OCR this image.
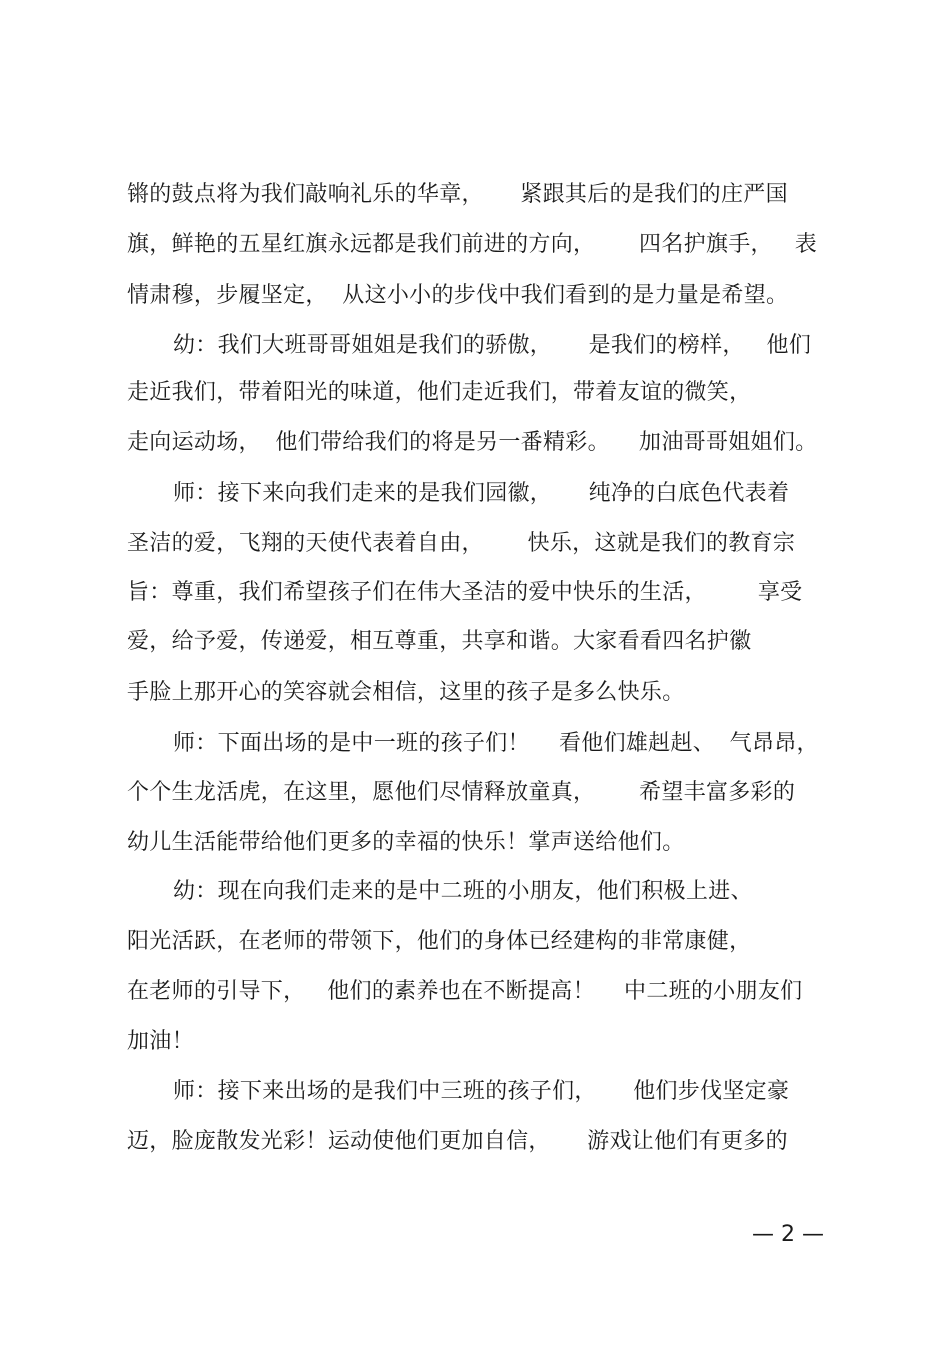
锵的鼓点将为我们敲响礼乐的华章，     紧跟其后的是我们的庄严国
旗，鲜艳的五星红旗永远都是我们前进的方向，      四名护旗手，   表
情肃穆，步履坚定，  从这小小的步伐中我们看到的是力量是希望。
幼：我们大班哥哥姐姐是我们的骄傲，     是我们的榜样，   他们
走近我们，带着阳光的味道，他们走近我们，带着友谊的微笑，
走向运动场，  他们带给我们的将是另一番精彩。    加油哥哥姐姐们。
师：接下来向我们走来的是我们园徽，     纯净的白底色代表着
圣洁的爱，飞翔的天使代表着自由，      快乐，这就是我们的教育宗
旨：尊重，我们希望孩子们在伟大圣洁的爱中快乐的生活，       享受
爱，给予爱，传递爱，相互尊重，共享和谐。大家看看四名护徽
手脸上那开心的笑容就会相信，这里的孩子是多么快乐。
师：下面出场的是中一班的孩子们！    看他们雄赳赳、  气昂昂，
个个生龙活虎，在这里，愿他们尽情释放童真，      希望丰富多彩的
幼儿生活能带给他们更多的幸福的快乐！掌声送给他们。
幼：现在向我们走来的是中二班的小朋友，他们积极上进、
阳光活跃，在老师的带领下，他们的身体已经建构的非常康健，
在老师的引导下，   他们的素养也在不断提高！    中二班的小朋友们
加油！
师：接下来出场的是我们中三班的孩子们，     他们步伐坚定豪
迈，脸庞散发光彩！运动使他们更加自信，     游戏让他们有更多的
— 2 —
